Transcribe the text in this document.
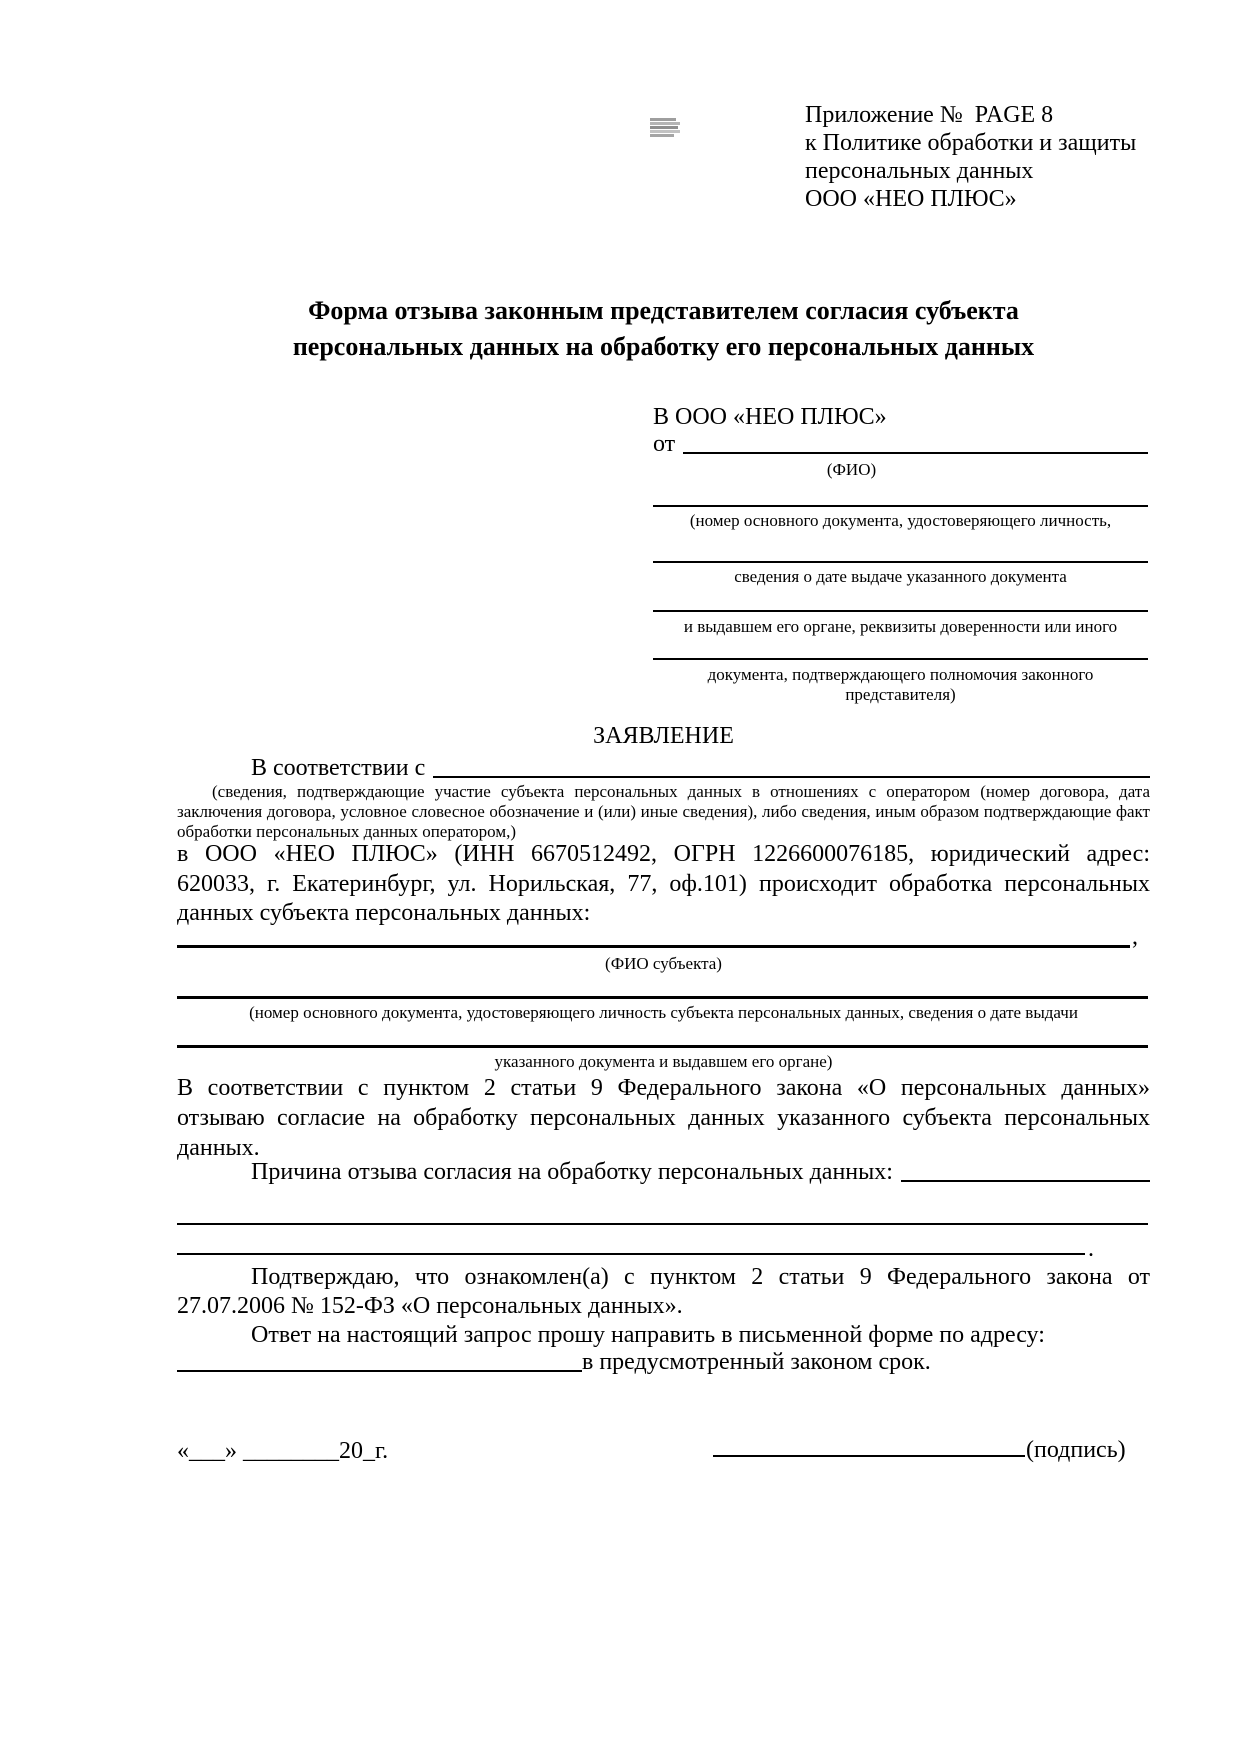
Приложение №  PAGE 8
к Политике обработки и защиты
персональных данных
ООО «НЕО ПЛЮС»
Форма отзыва законным представителем согласия субъекта
персональных данных на обработку его персональных данных
В ООО «НЕО ПЛЮС»
от
(ФИО)
(номер основного документа, удостоверяющего личность,
сведения о дате выдаче указанного документа
и выдавшем его органе, реквизиты доверенности или иного
документа, подтверждающего полномочия законного представителя)
ЗАЯВЛЕНИЕ
В соответствии с
(сведения, подтверждающие участие субъекта персональных данных в отношениях с оператором (номер договора, дата
заключения договора, условное словесное обозначение и (или) иные сведения), либо сведения, иным образом подтверждающие факт
обработки персональных данных оператором,)
в ООО «НЕО ПЛЮС» (ИНН 6670512492, ОГРН 1226600076185, юридический адрес:
620033, г. Екатеринбург, ул. Норильская, 77, оф.101) происходит обработка персональных
данных субъекта персональных данных:
,
(ФИО субъекта)
(номер основного документа, удостоверяющего личность субъекта персональных данных, сведения о дате выдачи
указанного документа и выдавшем его органе)
В соответствии с пунктом 2 статьи 9 Федерального закона «О персональных данных»
отзываю согласие на обработку персональных данных указанного субъекта персональных
данных.
Причина отзыва согласия на обработку персональных данных:
.
Подтверждаю, что ознакомлен(а) с пунктом 2 статьи 9 Федерального закона от
27.07.2006 № 152-ФЗ «О персональных данных».
Ответ на настоящий запрос прошу направить в письменной форме по адресу:
в предусмотренный законом срок.
«___» ________20_г.	(подпись)
